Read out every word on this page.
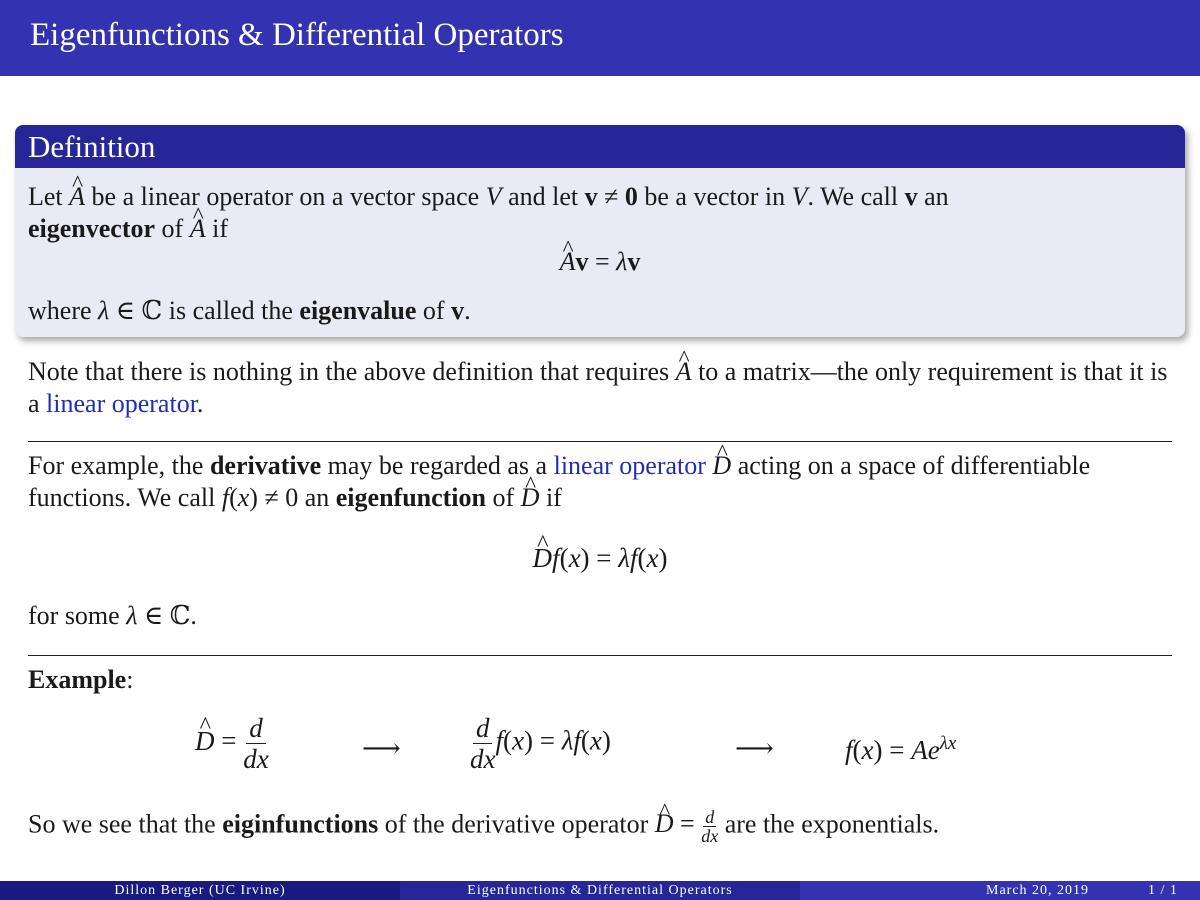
Eigenfunctions & Differential Operators
Definition
Let ^ A be a linear operator on a vector space V and let v ≠ 0 be a vector in V. We call v an
eigenvector of ^ A if
^ Av = λv
where λ ∈ ℂ is called the eigenvalue of v.
Note that there is nothing in the above definition that requires ^ A to a matrix—the only requirement is that it is a linear operator.
For example, the derivative may be regarded as a linear operator ^ D acting on a space of differentiable functions. We call f(x) ≠ 0 an eigenfunction of ^ D if
^ Df(x) = λf(x)
for some λ ∈ ℂ.
Example:
^ $D = \frac{d}{dx}$	⟶	$\frac{d}{dx} f(x) = \lambda f(x)$	⟶	$f(x) = Ae^{\lambda x}$
So we see that the eiginfunctions of the derivative operator ^ $D = \frac{d}{dx}$ are the exponentials.
Dillon Berger (UC Irvine)	Eigenfunctions & Differential Operators	March 20, 2019	1 / 1
